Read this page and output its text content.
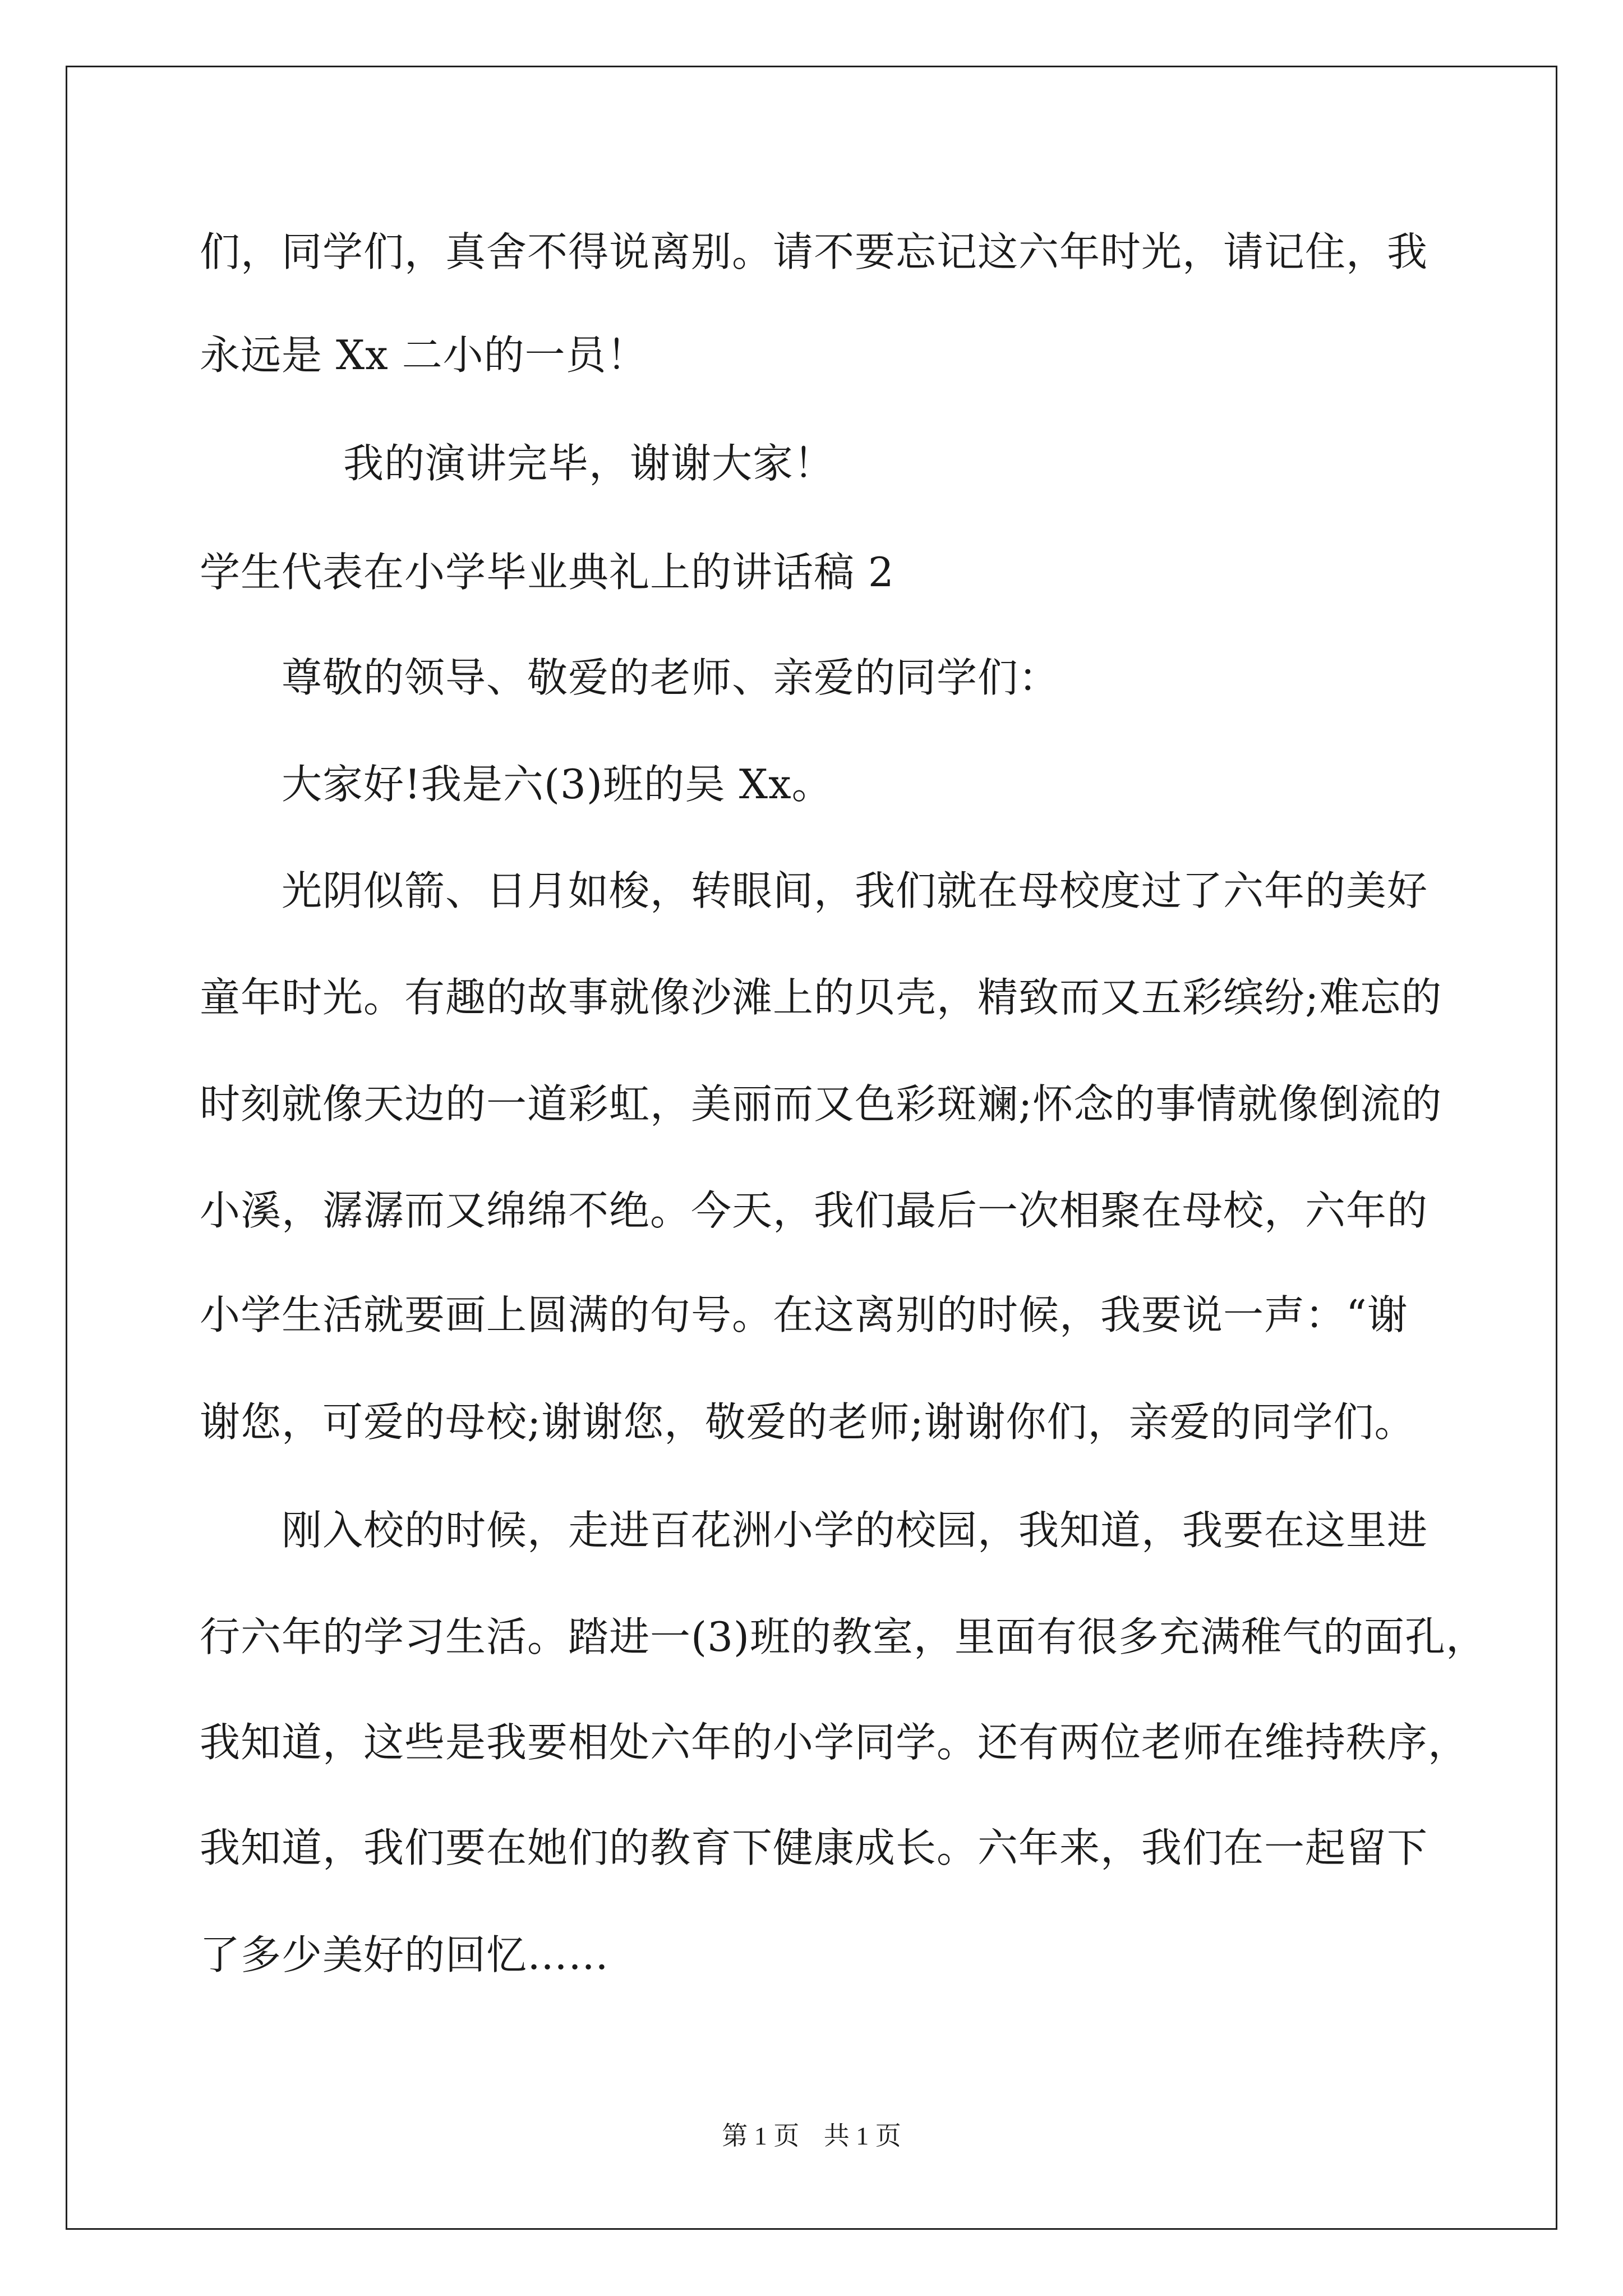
们，同学们，真舍不得说离别。请不要忘记这六年时光，请记住，我
永远是 Xx 二小的一员！
我的演讲完毕，谢谢大家！
学生代表在小学毕业典礼上的讲话稿 2
尊敬的领导、敬爱的老师、亲爱的同学们：
大家好!我是六(3)班的吴 Xx。
光阴似箭、日月如梭，转眼间，我们就在母校度过了六年的美好
童年时光。有趣的故事就像沙滩上的贝壳，精致而又五彩缤纷;难忘的
时刻就像天边的一道彩虹，美丽而又色彩斑斓;怀念的事情就像倒流的
小溪，潺潺而又绵绵不绝。今天，我们最后一次相聚在母校，六年的
小学生活就要画上圆满的句号。在这离别的时候，我要说一声：“谢
谢您，可爱的母校;谢谢您，敬爱的老师;谢谢你们，亲爱的同学们。
刚入校的时候，走进百花洲小学的校园，我知道，我要在这里进
行六年的学习生活。踏进一(3)班的教室，里面有很多充满稚气的面孔，
我知道，这些是我要相处六年的小学同学。还有两位老师在维持秩序，
我知道，我们要在她们的教育下健康成长。六年来，我们在一起留下
了多少美好的回忆……
第 1 页 共 1 页
